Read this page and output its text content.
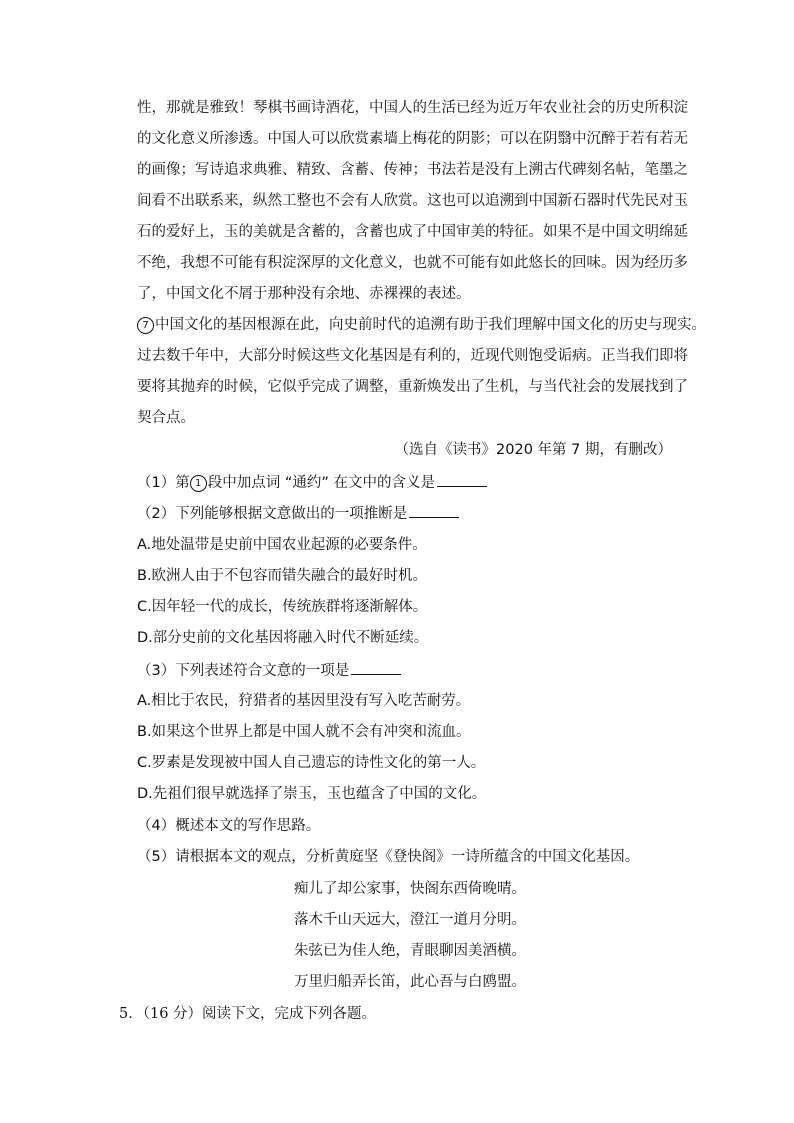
性，那就是雅致！琴棋书画诗酒花，中国人的生活已经为近万年农业社会的历史所积淀
的文化意义所渗透。中国人可以欣赏素墙上梅花的阴影；可以在阴翳中沉醉于若有若无
的画像；写诗追求典雅、精致、含蓄、传神；书法若是没有上溯古代碑刻名帖，笔墨之
间看不出联系来，纵然工整也不会有人欣赏。这也可以追溯到中国新石器时代先民对玉
石的爱好上，玉的美就是含蓄的，含蓄也成了中国审美的特征。如果不是中国文明绵延
不绝，我想不可能有积淀深厚的文化意义，也就不可能有如此悠长的回味。因为经历多
了，中国文化不屑于那种没有余地、赤裸裸的表述。
7 中国文化的基因根源在此，向史前时代的追溯有助于我们理解中国文化的历史与现实。
过去数千年中，大部分时候这些文化基因是有利的，近现代则饱受诟病。正当我们即将
要将其抛弃的时候，它似乎完成了调整，重新焕发出了生机，与当代社会的发展找到了
契合点。
（选自《读书》2020 年第 7 期，有删改）
（1）第 1 段中加点词 “通约” 在文中的含义是
（2）下列能够根据文意做出的一项推断是
A.地处温带是史前中国农业起源的必要条件。
B.欧洲人由于不包容而错失融合的最好时机。
C.因年轻一代的成长，传统族群将逐渐解体。
D.部分史前的文化基因将融入时代不断延续。
（3）下列表述符合文意的一项是
A.相比于农民，狩猎者的基因里没有写入吃苦耐劳。
B.如果这个世界上都是中国人就不会有冲突和流血。
C.罗素是发现被中国人自己遗忘的诗性文化的第一人。
D.先祖们很早就选择了崇玉，玉也蕴含了中国的文化。
（4）概述本文的写作思路。
（5）请根据本文的观点，分析黄庭坚《登快阁》一诗所蕴含的中国文化基因。
痴儿了却公家事，快阁东西倚晚晴。
落木千山天远大，澄江一道月分明。
朱弦已为佳人绝，青眼聊因美酒横。
万里归船弄长笛，此心吾与白鸥盟。
5．（16 分）阅读下文，完成下列各题。
